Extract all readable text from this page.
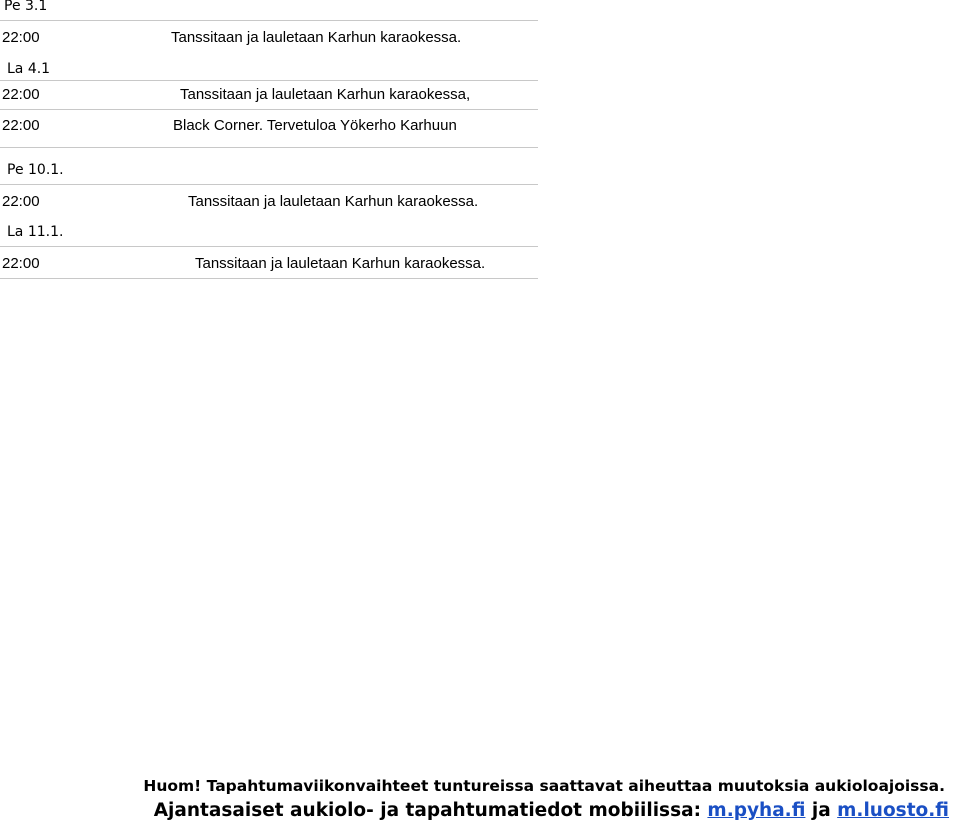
Pe 3.1
22:00	Tanssitaan ja lauletaan Karhun karaokessa.
La 4.1
22:00	Tanssitaan ja lauletaan Karhun karaokessa,
22:00	Black Corner. Tervetuloa Yökerho Karhuun
Pe 10.1.
22:00	Tanssitaan ja lauletaan Karhun karaokessa.
La 11.1.
22:00	Tanssitaan ja lauletaan Karhun karaokessa.
Huom! Tapahtumaviikonvaihteet tuntureissa saattavat aiheuttaa muutoksia aukioloajoissa.
Ajantasaiset aukiolo- ja tapahtumatiedot mobiilissa: m.pyha.fi ja m.luosto.fi
